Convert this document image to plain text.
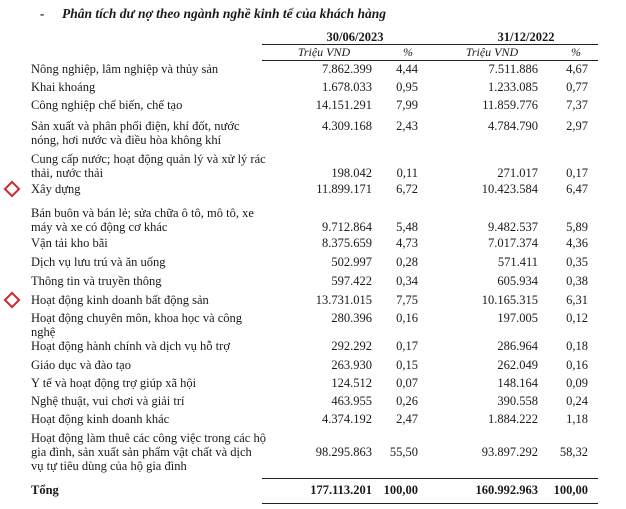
- Phân tích dư nợ theo ngành nghề kinh tế của khách hàng
30/06/2023	31/12/2022
Triệu VND	%	Triệu VND	%
Nông nghiệp, lâm nghiệp và thủy sản	7.862.399 4,44	7.511.886 4,67
Khai khoáng	1.678.033 0,95	1.233.085 0,77
Công nghiệp chế biến, chế tạo	14.151.291 7,99	11.859.776 7,37
Sản xuất và phân phối điện, khí đốt, nước nóng, hơi nước và điều hòa không khí
4.309.168 2,43	4.784.790 2,97
Cung cấp nước; hoạt động quản lý và xử lý rác thải, nước thải	198.042 0,11	271.017 0,17
Xây dựng	11.899.171 6,72	10.423.584 6,47
Bán buôn và bán lẻ; sửa chữa ô tô, mô tô, xe máy và xe có động cơ khác	9.712.864 5,48	9.482.537 5,89
Vận tải kho bãi	8.375.659 4,73	7.017.374 4,36
Dịch vụ lưu trú và ăn uống	502.997 0,28	571.411 0,35
Thông tin và truyền thông	597.422 0,34	605.934 0,38
Hoạt động kinh doanh bất động sản	13.731.015 7,75	10.165.315 6,31
Hoạt động chuyên môn, khoa học và công nghệ
280.396 0,16	197.005 0,12
Hoạt động hành chính và dịch vụ hỗ trợ	292.292 0,17	286.964 0,18
Giáo dục và đào tạo	263.930 0,15	262.049 0,16
Y tế và hoạt động trợ giúp xã hội	124.512 0,07	148.164 0,09
Nghệ thuật, vui chơi và giải trí	463.955 0,26	390.558 0,24
Hoạt động kinh doanh khác	4.374.192 2,47	1.884.222 1,18
Hoạt động làm thuê các công việc trong các hộ gia đình, sản xuất sản phẩm vật chất và dịch vụ tự tiêu dùng của hộ gia đình
98.295.863 55,50	93.897.292 58,32
Tổng	177.113.201 100,00	160.992.963 100,00
